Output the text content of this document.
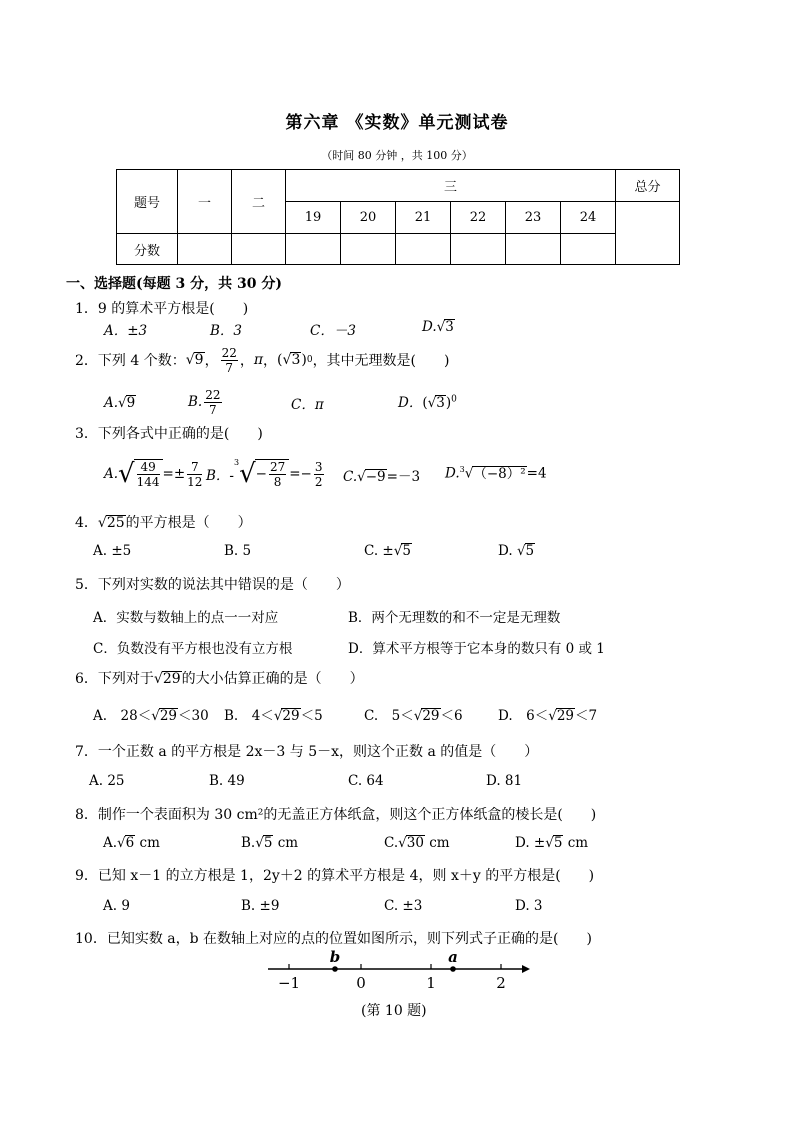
第六章 《实数》单元测试卷
（时间 80 分钟 ，共 100 分）
题号	一	二	三						总分
			19	20	21	22	23	24	
分数									
一、选择题(每题 3 分，共 30 分)
1．9 的算术平方根是(　　)
A．±3	B．3	C．－3	D.√3
2．下列 4 个数： √ 9 ， $\frac{22}{7}$ ， π ， ( √ 3 ) 0 ，其中无理数是(　　)
A. √ 9	B. $\frac{22}{7}$	C．π	D．$(√3)^0$
3．下列各式中正确的是(　　)
A. √ $\frac{49}{144} =\pm \frac{7}{12}$ B．-
$^3$ √ − $\frac{27}{8} =- \frac{3}{2} C.√-9=-3$ D.$^3$√（−8）²=4
4．√25的平方根是（　　）
A. ±5	B. 5	C. ±√5	D. √5
5．下列对实数的说法其中错误的是（　　）
A．实数与数轴上的点一一对应	B．两个无理数的和不一定是无理数
C．负数没有平方根也没有立方根	D．算术平方根等于它本身的数只有 0 或 1
6．下列对于√29的大小估算正确的是（　　）
A.　28＜√29＜30 B.　4＜√29＜5	C.　5＜√29＜6	D.　6＜√29＜7
7．一个正数 a 的平方根是 2x－3 与 5－x，则这个正数 a 的值是（　　）
A. 25	B. 49	C. 64	D. 81
8．制作一个表面积为 30 cm²的无盖正方体纸盒，则这个正方体纸盒的棱长是(　　)
A.√6 cm	B.√5 cm	C.√30 cm	D. ±√5 cm
9．已知 x－1 的立方根是 1，2y＋2 的算术平方根是 4，则 x＋y 的平方根是(　　)
A. 9	B. ±9	C. ±3	D. 3
10．已知实数 a，b 在数轴上对应的点的位置如图所示，则下列式子正确的是(　　)
b	a
−1	0	1	2
(第 10 题)
